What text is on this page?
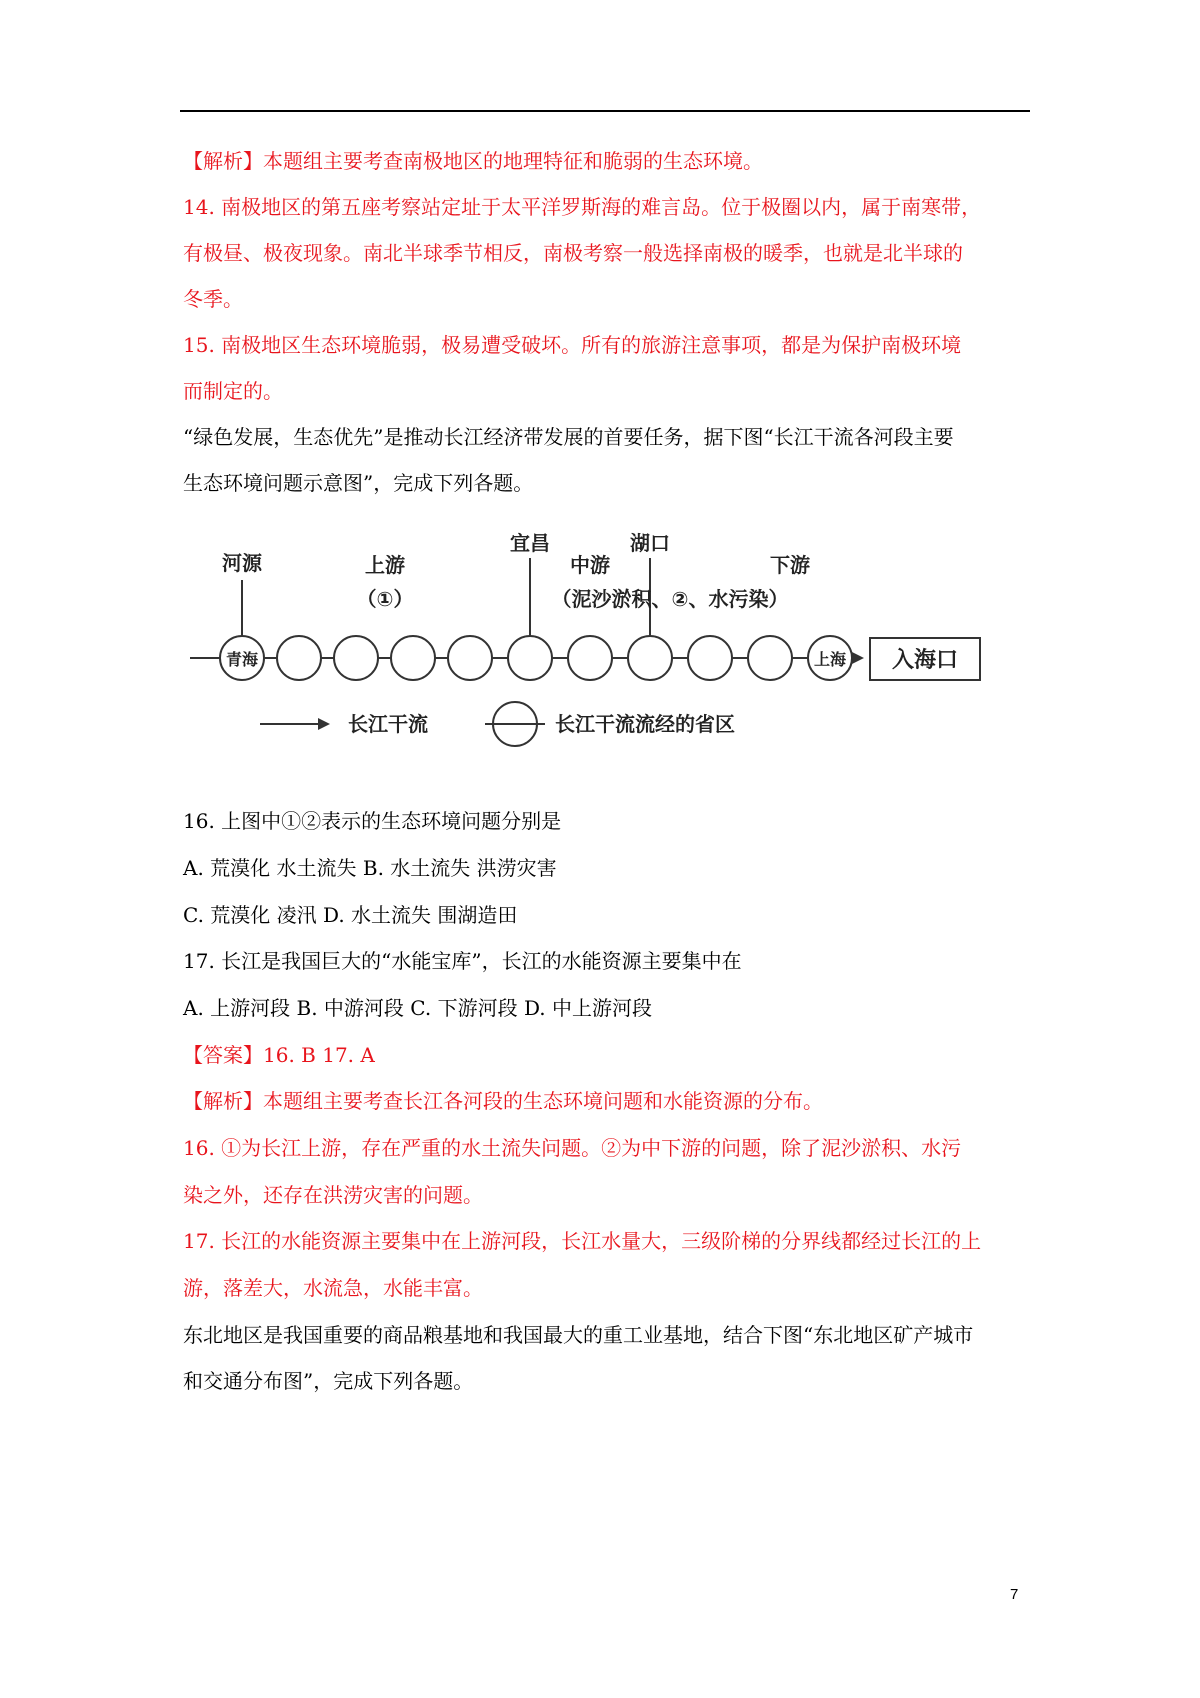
【解析】本题组主要考查南极地区的地理特征和脆弱的生态环境。
14. 南极地区的第五座考察站定址于太平洋罗斯海的难言岛。位于极圈以内，属于南寒带，
有极昼、极夜现象。南北半球季节相反，南极考察一般选择南极的暖季，也就是北半球的
冬季。
15. 南极地区生态环境脆弱，极易遭受破坏。所有的旅游注意事项，都是为保护南极环境
而制定的。
“绿色发展，生态优先”是推动长江经济带发展的首要任务，据下图“长江干流各河段主要
生态环境问题示意图”，完成下列各题。
河源	上游
（①）
宜昌	湖口
中游	下游
（泥沙淤积、②、水污染）
青海	上海 入海口
长江干流	长江干流流经的省区
16. 上图中①②表示的生态环境问题分别是
A. 荒漠化 水土流失 B. 水土流失 洪涝灾害
C. 荒漠化 凌汛 D. 水土流失 围湖造田
17. 长江是我国巨大的“水能宝库”，长江的水能资源主要集中在
A. 上游河段 B. 中游河段 C. 下游河段 D. 中上游河段
【答案】16. B 17. A
【解析】本题组主要考查长江各河段的生态环境问题和水能资源的分布。
16. ①为长江上游，存在严重的水土流失问题。②为中下游的问题，除了泥沙淤积、水污
染之外，还存在洪涝灾害的问题。
17. 长江的水能资源主要集中在上游河段，长江水量大，三级阶梯的分界线都经过长江的上
游，落差大，水流急，水能丰富。
东北地区是我国重要的商品粮基地和我国最大的重工业基地，结合下图“东北地区矿产城市
和交通分布图”，完成下列各题。
7
